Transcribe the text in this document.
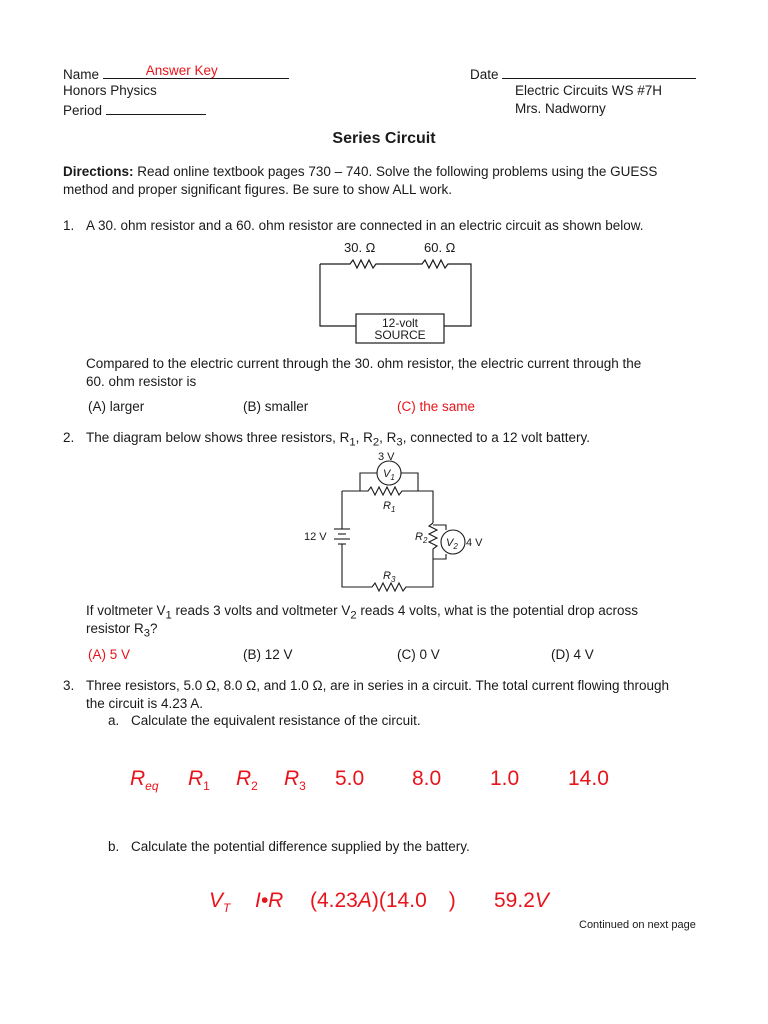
Name	Answer Key
Honors Physics
Period
Date
Electric Circuits WS #7H
Mrs. Nadworny
Series Circuit
Directions: Read online textbook pages 730 – 740. Solve the following problems using the GUESS
method and proper significant figures. Be sure to show ALL work.
1. A 30. ohm resistor and a 60. ohm resistor are connected in an electric circuit as shown below.
30. Ω	60. Ω
12-volt
SOURCE
Compared to the electric current through the 30. ohm resistor, the electric current through the
60. ohm resistor is
(A) larger	(B) smaller	(C) the same
2. The diagram below shows three resistors, $R_1$, $R_2$, $R_3$, connected to a 12 volt battery.
3 V
$V_1$
$R_1$
12 V	$R_2$ $V_2$ 4 V
$R_3$
If voltmeter $V_1$ reads 3 volts and voltmeter $V_2$ reads 4 volts, what is the potential drop across
resistor $R_3$?
(A) 5 V	(B) 12 V	(C) 0 V	(D) 4 V
3. Three resistors, 5.0 Ω, 8.0 Ω, and 1.0 Ω, are in series in a circuit. The total current flowing through
the circuit is 4.23 A.
a. Calculate the equivalent resistance of the circuit.
$R_{eq}$ $R_1$ $R_2$ $R_3$ 5.0 8.0 1.0 14.0
b. Calculate the potential difference supplied by the battery.
$V_T$ I•R (4.23A)(14.0 ) 59.2V
Continued on next page
